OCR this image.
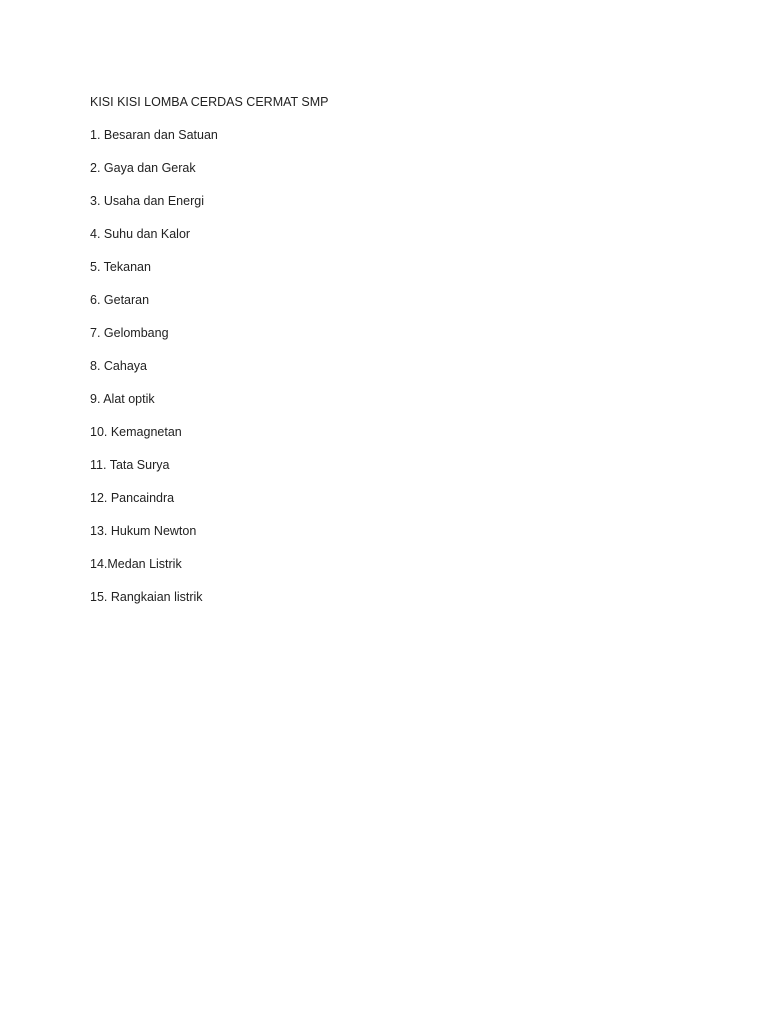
KISI KISI LOMBA CERDAS CERMAT SMP
1. Besaran dan Satuan
2. Gaya dan Gerak
3. Usaha dan Energi
4. Suhu dan Kalor
5. Tekanan
6. Getaran
7. Gelombang
8. Cahaya
9. Alat optik
10. Kemagnetan
11. Tata Surya
12. Pancaindra
13. Hukum Newton
14.Medan Listrik
15. Rangkaian listrik
